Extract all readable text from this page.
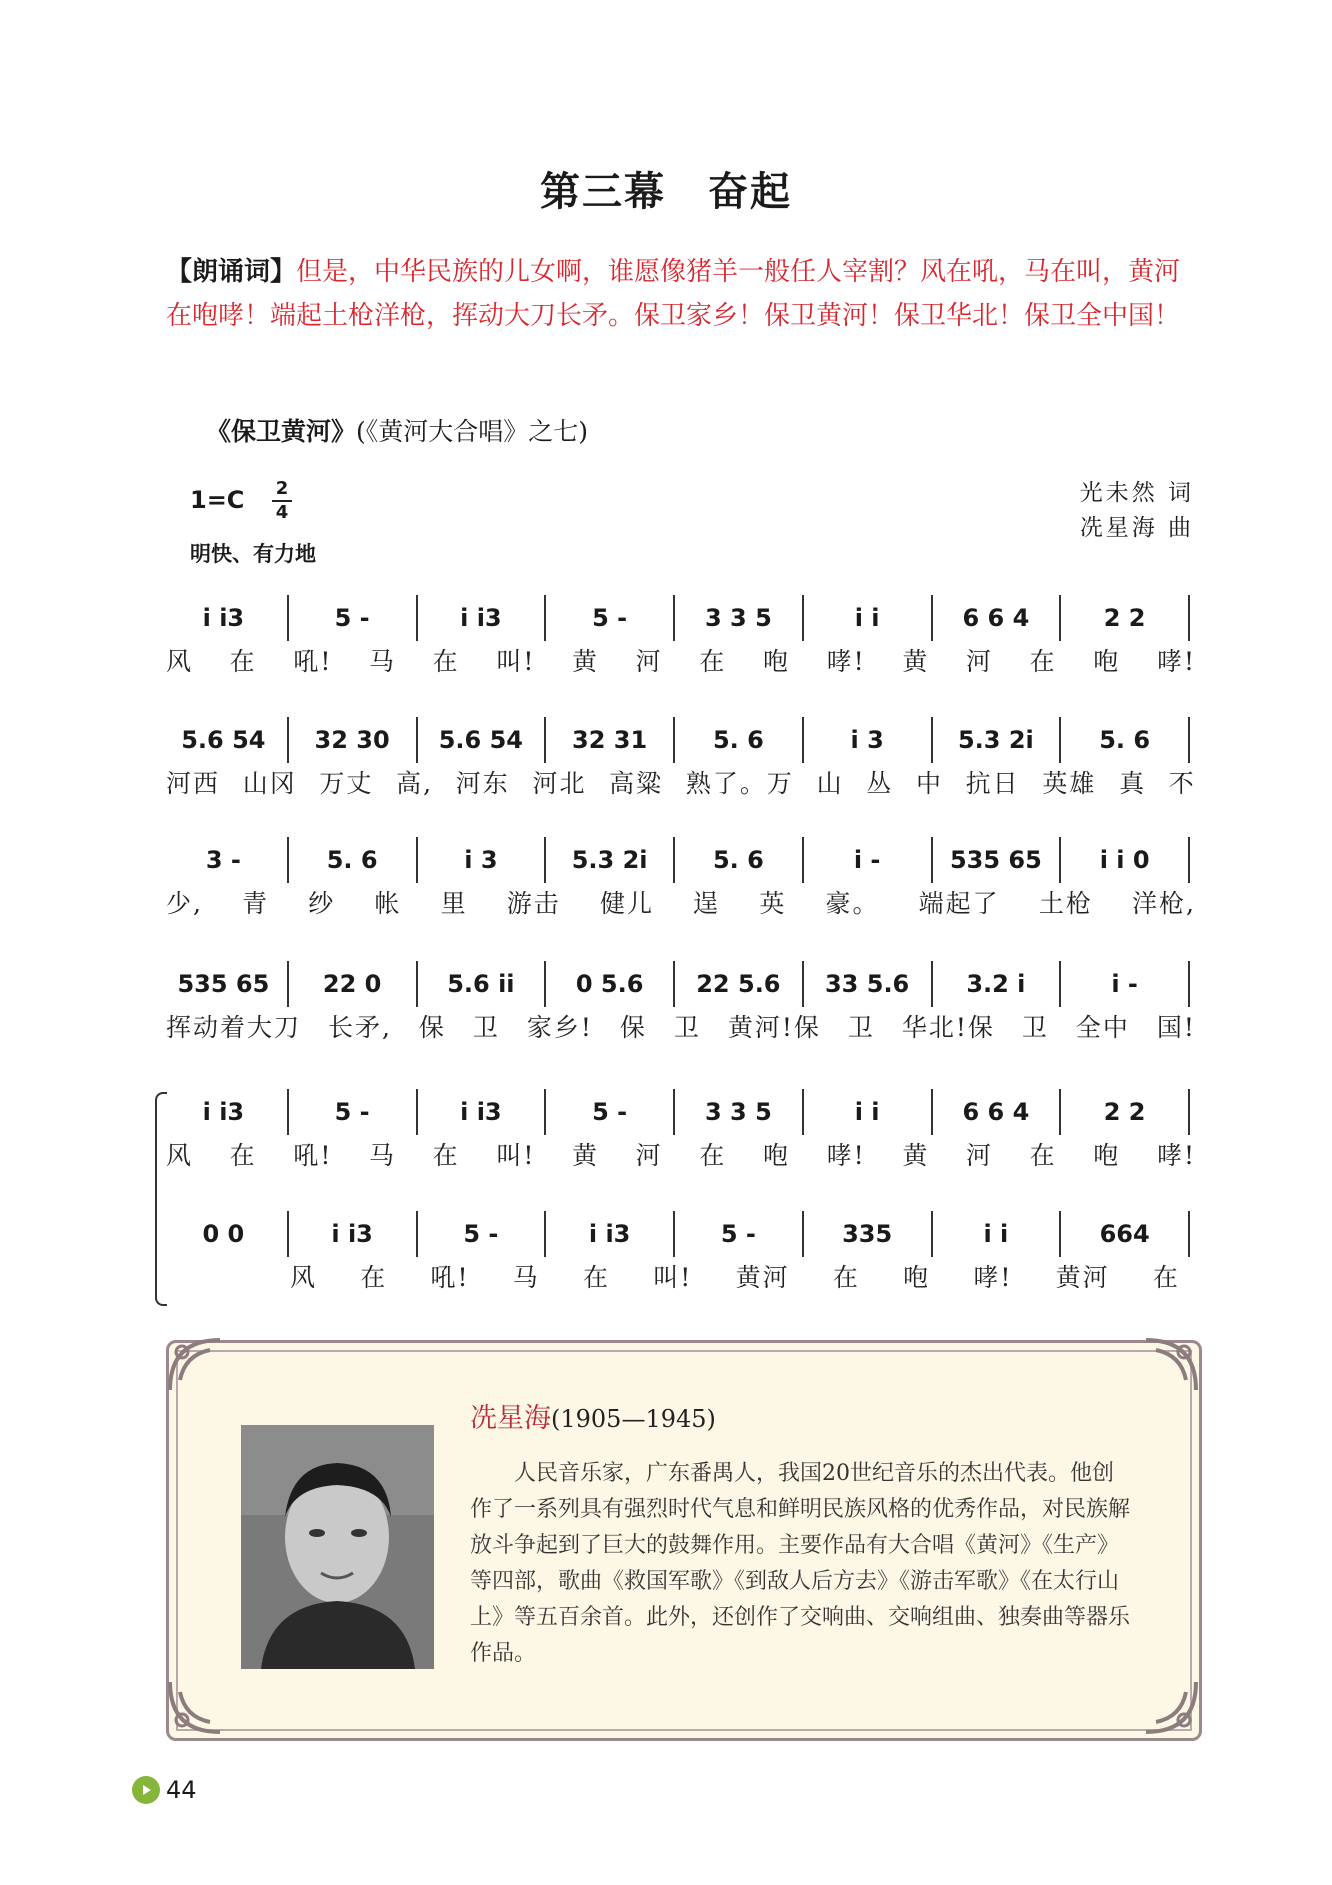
第三幕　奋起
【朗诵词】但是，中华民族的儿女啊，谁愿像猪羊一般任人宰割？风在吼，马在叫，黄河在咆哮！端起土枪洋枪，挥动大刀长矛。保卫家乡！保卫黄河！保卫华北！保卫全中国！
《保卫黄河》(《黄河大合唱》之七)
1=C	2
4
明快、有力地
光未然 词
冼星海 曲
i i3	5 -	i i3	5 -	3 3 5	i i	6 6 4	2 2
风 在 吼! 马 在 叫! 黄 河 在 咆 哮! 黄 河 在 咆 哮!
5.6 54 32 30 5.6 54 32 31	5. 6	i 3	5.3 2i	5. 6
河西 山冈 万丈 高, 河东 河北 高粱 熟了。万 山 丛 中 抗日 英雄 真 不
3 -	5. 6	i 3	5.3 2i	5. 6	i -	535 65 i i 0
少, 青 纱 帐 里 游击 健儿 逞 英 豪。 端起了 土枪 洋枪,
535 65 22 0	5.6 ii	0 5.6 22 5.6 33 5.6 3.2 i	i -
挥动着大刀 长矛, 保 卫 家乡! 保 卫 黄河!保 卫 华北!保 卫 全中 国!
i i3	5 -	i i3	5 -	3 3 5	i i	6 6 4	2 2
风 在 吼! 马 在 叫! 黄 河 在 咆 哮! 黄 河 在 咆 哮!
0 0	i i3	5 -	i i3	5 -	335	i i	664
风 在 吼! 马 在 叫! 黄河 在 咆 哮! 黄河 在
冼星海(1905—1945)
人民音乐家，广东番禺人，我国20世纪音乐的杰出代表。他创作了一系列具有强烈时代气息和鲜明民族风格的优秀作品，对民族解放斗争起到了巨大的鼓舞作用。主要作品有大合唱《黄河》《生产》等四部，歌曲《救国军歌》《到敌人后方去》《游击军歌》《在太行山上》等五百余首。此外，还创作了交响曲、交响组曲、独奏曲等器乐作品。
44
